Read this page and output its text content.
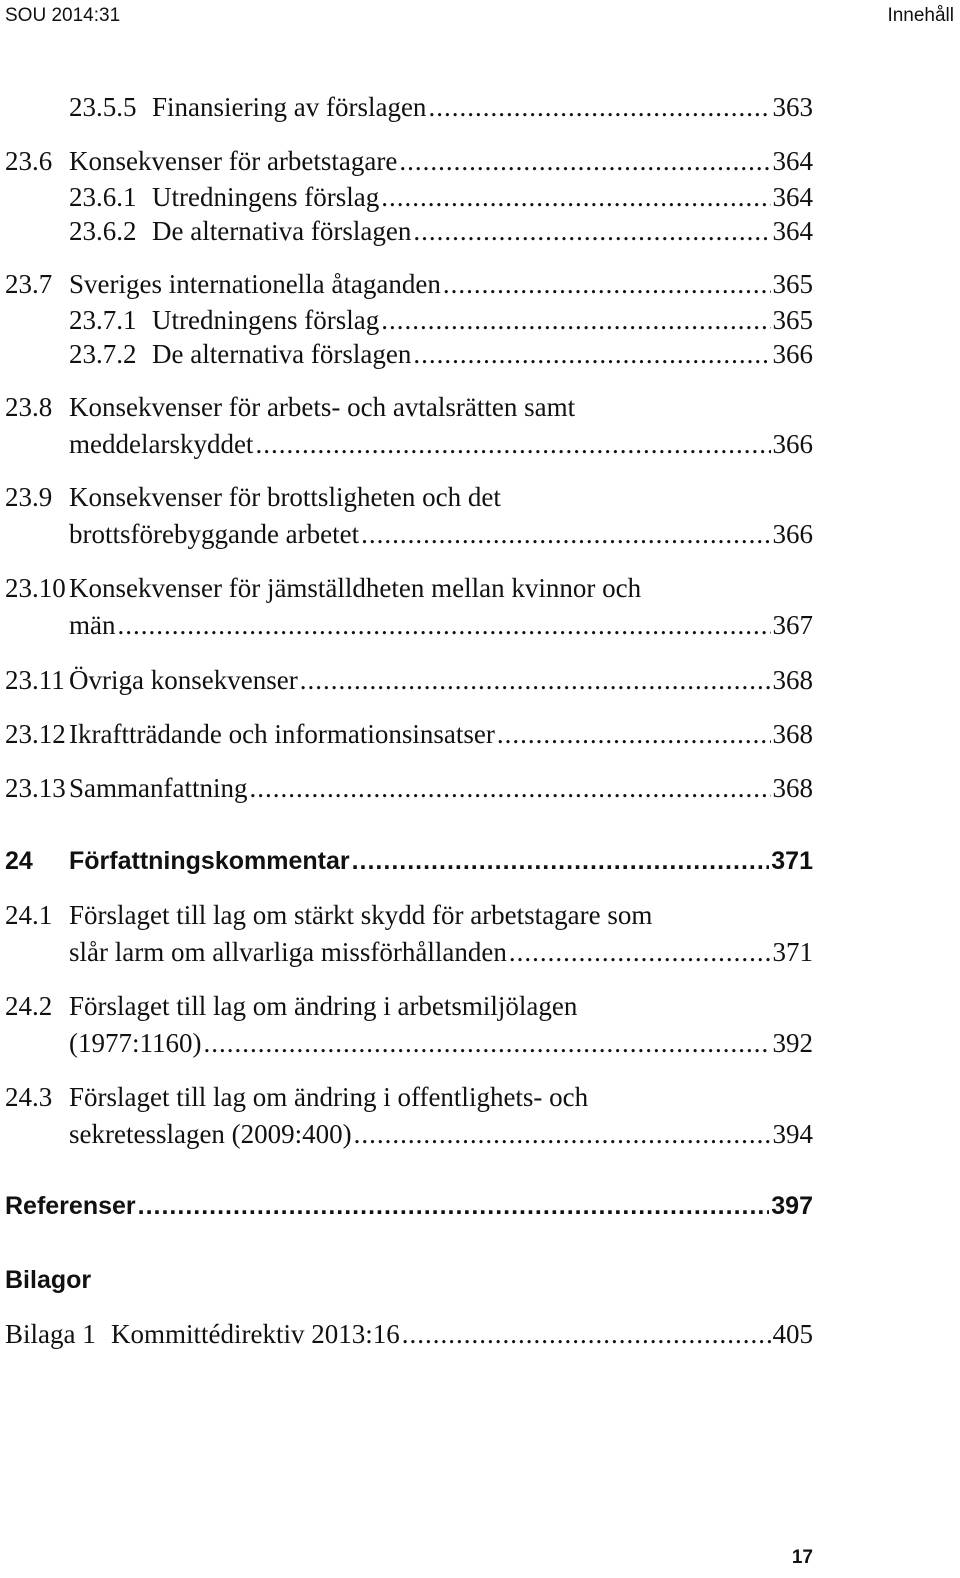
SOU 2014:31	Innehåll
23.5.5 Finansiering av förslagen .....	363
23.6 Konsekvenser för arbetstagare .....	364
23.6.1 Utredningens förslag .....	364
23.6.2 De alternativa förslagen .....	364
23.7 Sveriges internationella åtaganden .....	365
23.7.1 Utredningens förslag .....	365
23.7.2 De alternativa förslagen .....	366
23.8 Konsekvenser för arbets- och avtalsrätten samt
meddelarskyddet .....	366
23.9 Konsekvenser för brottsligheten och det
brottsförebyggande arbetet .....	366
23.10 Konsekvenser för jämställdheten mellan kvinnor och
män .....	367
23.11 Övriga konsekvenser .....	368
23.12 Ikraftträdande och informationsinsatser .....	368
23.13 Sammanfattning .....	368
24 Författningskommentar .....	371
24.1 Förslaget till lag om stärkt skydd för arbetstagare som
slår larm om allvarliga missförhållanden .....	371
24.2 Förslaget till lag om ändring i arbetsmiljölagen
(1977:1160) .....	392
24.3 Förslaget till lag om ändring i offentlighets- och
sekretesslagen (2009:400) .....	394
Referenser .....	397
Bilagor
Bilaga 1 Kommittédirektiv 2013:16 .....	405
17
